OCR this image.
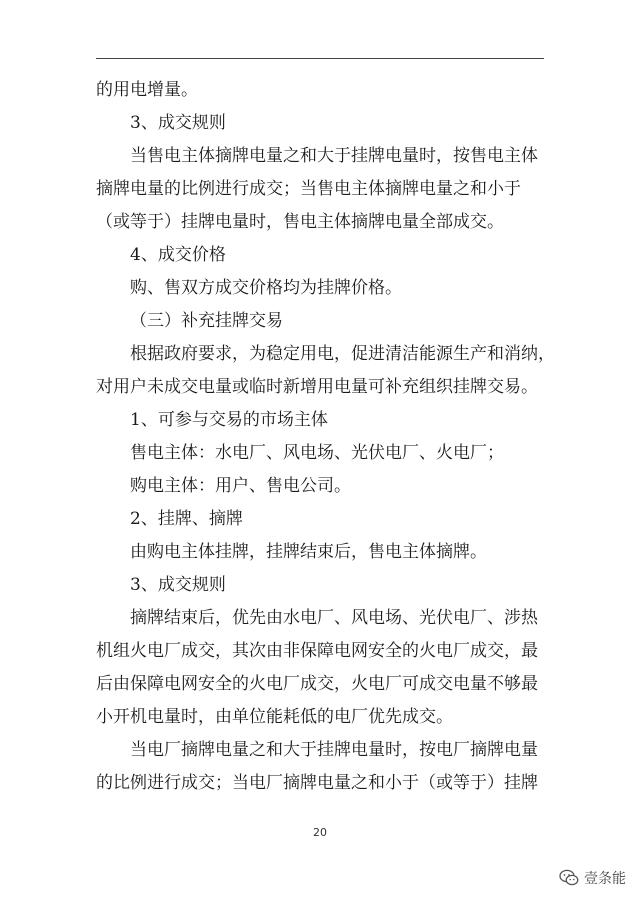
的用电增量。
3、成交规则
当售电主体摘牌电量之和大于挂牌电量时，按售电主体
摘牌电量的比例进行成交；当售电主体摘牌电量之和小于
（或等于）挂牌电量时，售电主体摘牌电量全部成交。
4、成交价格
购、售双方成交价格均为挂牌价格。
（三）补充挂牌交易
根据政府要求，为稳定用电，促进清洁能源生产和消纳，
对用户未成交电量或临时新增用电量可补充组织挂牌交易。
1、可参与交易的市场主体
售电主体：水电厂、风电场、光伏电厂、火电厂；
购电主体：用户、售电公司。
2、挂牌、摘牌
由购电主体挂牌，挂牌结束后，售电主体摘牌。
3、成交规则
摘牌结束后，优先由水电厂、风电场、光伏电厂、涉热
机组火电厂成交，其次由非保障电网安全的火电厂成交，最
后由保障电网安全的火电厂成交，火电厂可成交电量不够最
小开机电量时，由单位能耗低的电厂优先成交。
当电厂摘牌电量之和大于挂牌电量时，按电厂摘牌电量
的比例进行成交；当电厂摘牌电量之和小于（或等于）挂牌
20
壹条能
